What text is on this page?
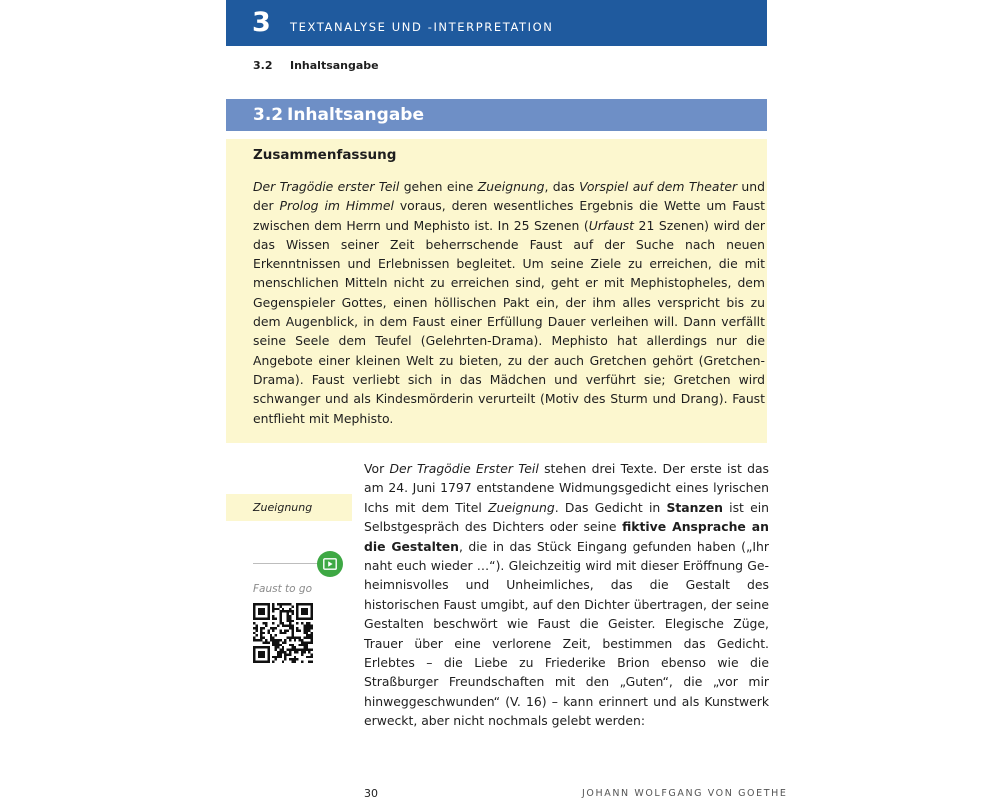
3 TEXTANALYSE UND -INTERPRETATION
3.2 Inhaltsangabe
3.2 Inhaltsangabe
Zusammenfassung

Der Tragödie erster Teil gehen eine Zueignung, das Vorspiel auf dem Theater und der Prolog im Himmel voraus, deren wesentliches Ergebnis die Wette um Faust zwischen dem Herrn und Mephisto ist. In 25 Szenen (Urfaust 21 Szenen) wird der das Wissen seiner Zeit beherrschende Faust auf der Suche nach neuen Erkenntnissen und Erlebnissen begleitet. Um seine Ziele zu erreichen, die mit menschlichen Mitteln nicht zu erreichen sind, geht er mit Mephistopheles, dem Gegenspieler Gottes, einen höllischen Pakt ein, der ihm alles verspricht bis zu dem Augenblick, in dem Faust einer Erfüllung Dauer verleihen will. Dann verfällt seine Seele dem Teufel (Gelehrten-Drama). Mephisto hat allerdings nur die Angebote einer kleinen Welt zu bieten, zu der auch Gretchen gehört (Gretchen-Drama). Faust verliebt sich in das Mädchen und verführt sie; Gretchen wird schwanger und als Kindesmörderin verurteilt (Motiv des Sturm und Drang). Faust entflieht mit Mephisto.

Zueignung
Faust to go

Vor Der Tragödie Erster Teil stehen drei Texte. Der erste ist das am 24. Juni 1797 entstandene Widmungsgedicht eines lyrischen Ichs mit dem Titel Zueignung. Das Gedicht in Stanzen ist ein Selbstgespräch des Dichters oder seine fiktive Ansprache an die Gestalten, die in das Stück Eingang gefunden haben („Ihr naht euch wieder …“). Gleichzeitig wird mit dieser Eröffnung Geheimnisvolles und Unheimliches, das die Gestalt des historischen Faust umgibt, auf den Dichter übertragen, der seine Gestalten beschwört wie Faust die Geister. Elegische Züge, Trauer über eine verlorene Zeit, bestimmen das Gedicht. Erlebtes – die Liebe zu Friederike Brion ebenso wie die Straßburger Freundschaften mit den „Guten“, die „vor mir hinweggeschwunden“ (V. 16) – kann erinnert und als Kunstwerk erweckt, aber nicht nochmals gelebt werden:

30	JOHANN WOLFGANG VON GOETHE
